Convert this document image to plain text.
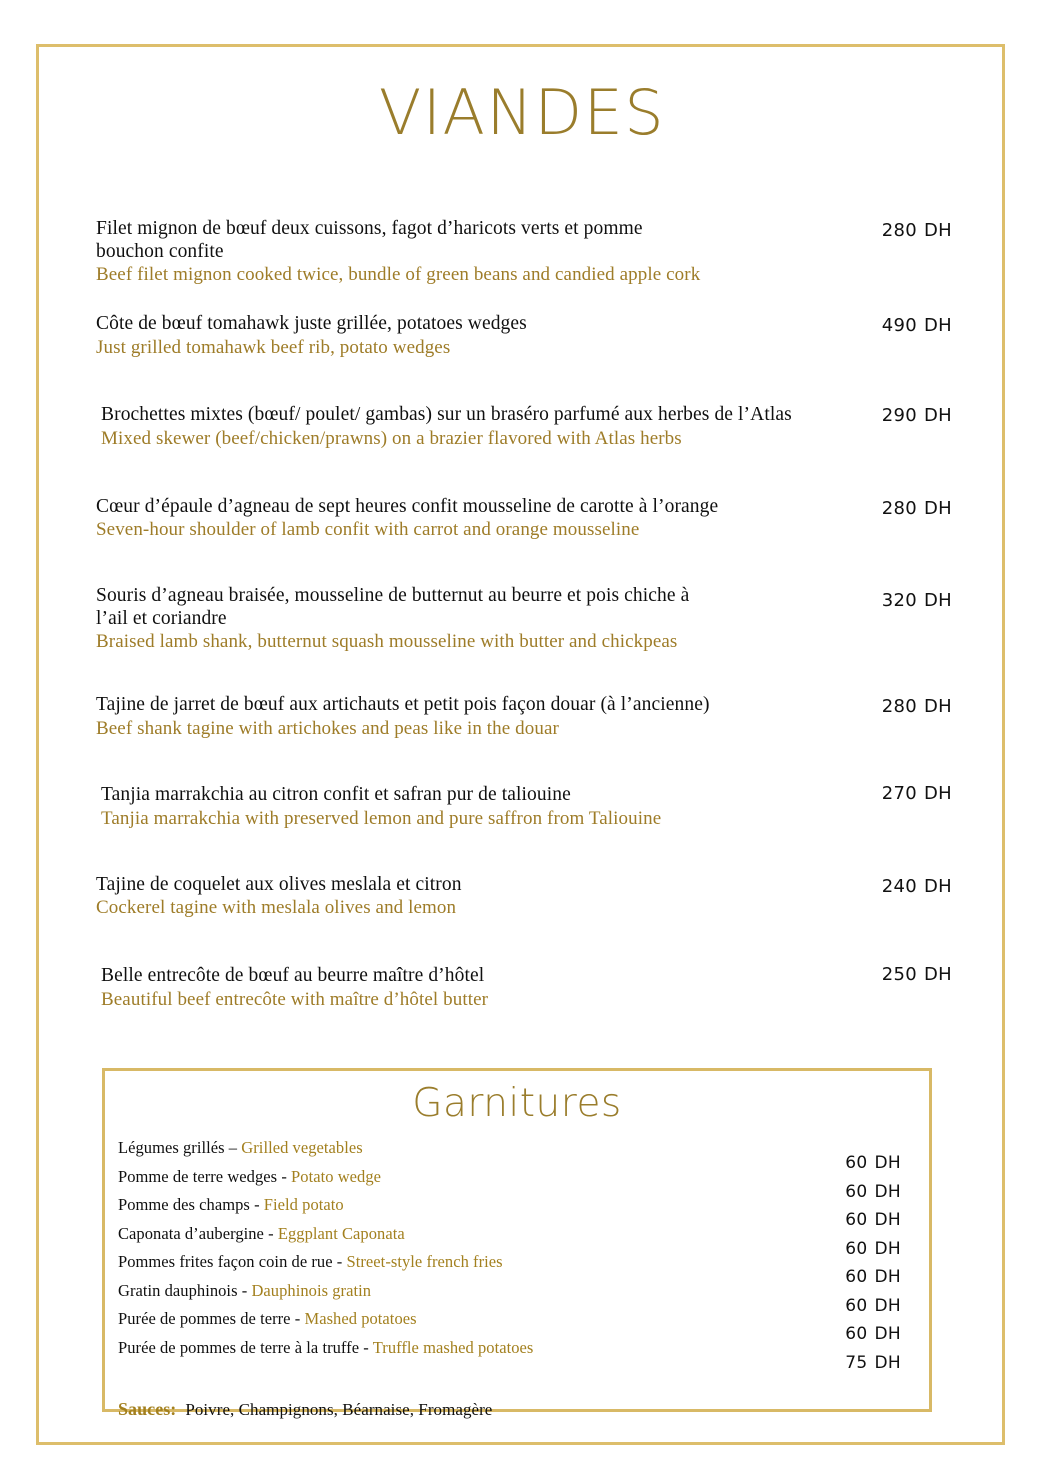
VIANDES
Filet mignon de bœuf deux cuissons, fagot d’haricots verts et pomme
bouchon confite
Beef filet mignon cooked twice, bundle of green beans and candied apple cork
280 DH
Côte de bœuf tomahawk juste grillée, potatoes wedges
Just grilled tomahawk beef rib, potato wedges
490 DH
Brochettes mixtes (bœuf/ poulet/ gambas) sur un braséro parfumé aux herbes de l’Atlas
Mixed skewer (beef/chicken/prawns) on a brazier flavored with Atlas herbs
290 DH
Cœur d’épaule d’agneau de sept heures confit mousseline de carotte à l’orange
Seven-hour shoulder of lamb confit with carrot and orange mousseline
280 DH
Souris d’agneau braisée, mousseline de butternut au beurre et pois chiche à
l’ail et coriandre
Braised lamb shank, butternut squash mousseline with butter and chickpeas
320 DH
Tajine de jarret de bœuf aux artichauts et petit pois façon douar (à l’ancienne)
Beef shank tagine with artichokes and peas like in the douar
280 DH
Tanjia marrakchia au citron confit et safran pur de taliouine
Tanjia marrakchia with preserved lemon and pure saffron from Taliouine
270 DH
Tajine de coquelet aux olives meslala et citron
Cockerel tagine with meslala olives and lemon
240 DH
Belle entrecôte de bœuf au beurre maître d’hôtel
Beautiful beef entrecôte with maître d’hôtel butter
250 DH
Garnitures
Légumes grillés – Grilled vegetables
60 DH
Pomme de terre wedges - Potato wedge
60 DH
Pomme des champs - Field potato
60 DH
Caponata d’aubergine - Eggplant Caponata
60 DH
Pommes frites façon coin de rue - Street-style french fries
60 DH
Gratin dauphinois - Dauphinois gratin
60 DH
Purée de pommes de terre - Mashed potatoes
60 DH
Purée de pommes de terre à la truffe - Truffle mashed potatoes
75 DH
Sauces: Poivre, Champignons, Béarnaise, Fromagère
